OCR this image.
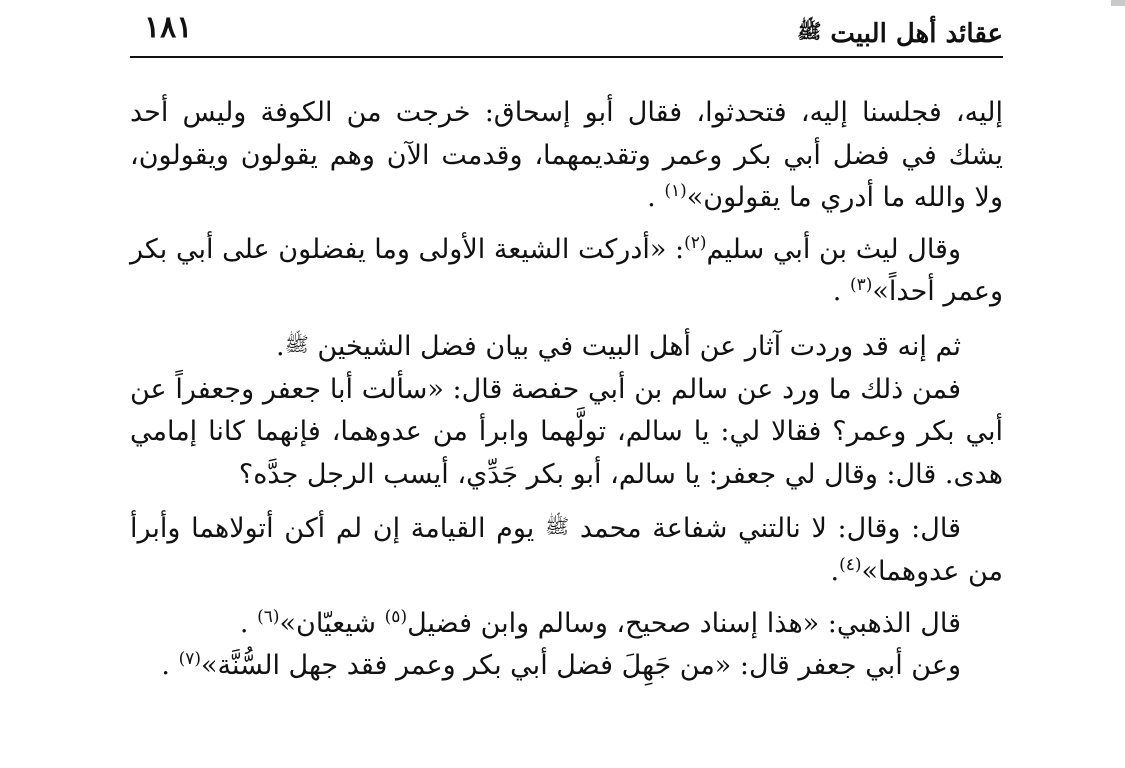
عقائد أهل البيت ﷺ
١٨١

إليه، فجلسنا إليه، فتحدثوا، فقال أبو إسحاق: خرجت من الكوفة وليس أحد يشك في فضل أبي بكر وعمر وتقديمهما، وقدمت الآن وهم يقولون ويقولون، ولا والله ما أدري ما يقولون»$^{(١)}$ .

وقال ليث بن أبي سليم$^{(٢)}$: «أدركت الشيعة الأولى وما يفضلون على أبي بكر وعمر أحداً»$^{(٣)}$ .

ثم إنه قد وردت آثار عن أهل البيت في بيان فضل الشيخين ﷺ.

فمن ذلك ما ورد عن سالم بن أبي حفصة قال: «سألت أبا جعفر وجعفراً عن أبي بكر وعمر؟ فقالا لي: يا سالم، تولَّهما وابرأ من عدوهما، فإنهما كانا إمامي هدى. قال: وقال لي جعفر: يا سالم، أبو بكر جَدِّي، أيسب الرجل جدَّه؟

قال: وقال: لا نالتني شفاعة محمد ﷺ يوم القيامة إن لم أكن أتولاهما وأبرأ من عدوهما»$^{(٤)}$.

قال الذهبي: «هذا إسناد صحيح، وسالم وابن فضيل$^{(٥)}$ شيعيّان»$^{(٦)}$ .

وعن أبي جعفر قال: «من جَهِلَ فضل أبي بكر وعمر فقد جهل السُّنَّة»$^{(٧)}$ .
